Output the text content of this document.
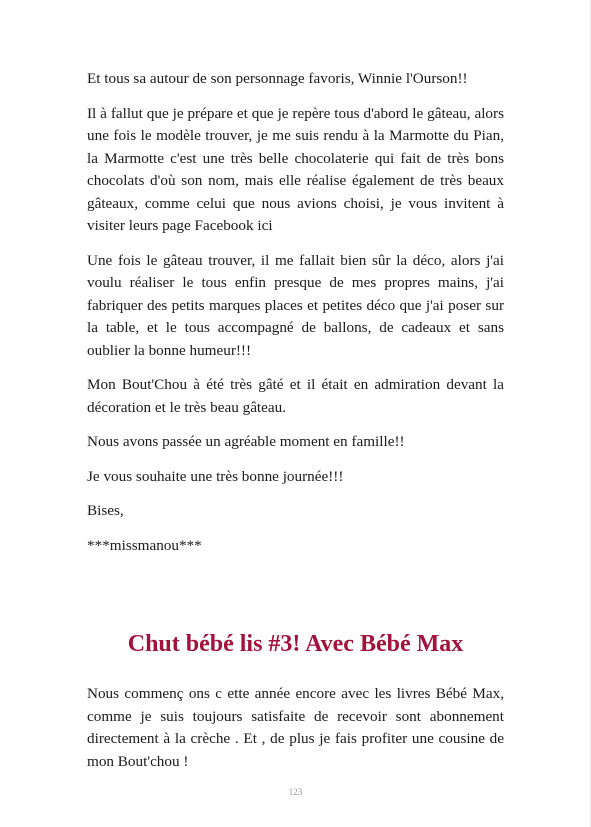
Et tous sa autour de son personnage favoris, Winnie l'Ourson!!

Il à fallut que je prépare et que je repère tous d'abord le gâteau, alors une fois le modèle trouver, je me suis rendu à la Marmotte du Pian, la Marmotte c'est une très belle chocolaterie qui fait de très bons chocolats d'où son nom, mais elle réalise également de très beaux gâteaux, comme celui que nous avions choisi, je vous invitent à visiter leurs page Facebook ici

Une fois le gâteau trouver, il me fallait bien sûr la déco, alors j'ai voulu réaliser le tous enfin presque de mes propres mains, j'ai fabriquer des petits marques places et petites déco que j'ai poser sur la table, et le tous accompagné de ballons, de cadeaux et sans oublier la bonne humeur!!!

Mon Bout'Chou à été très gâté et il était en admiration devant la décoration et le très beau gâteau.

Nous avons passée un agréable moment en famille!!

Je vous souhaite une très bonne journée!!!

Bises,

***missmanou***

Chut bébé lis #3! Avec Bébé Max

Nous commenç ons c ette année encore avec les livres Bébé Max, comme je suis toujours satisfaite de recevoir sont abonnement directement à la crèche . Et , de plus je fais profiter une cousine de mon Bout'chou !

123
